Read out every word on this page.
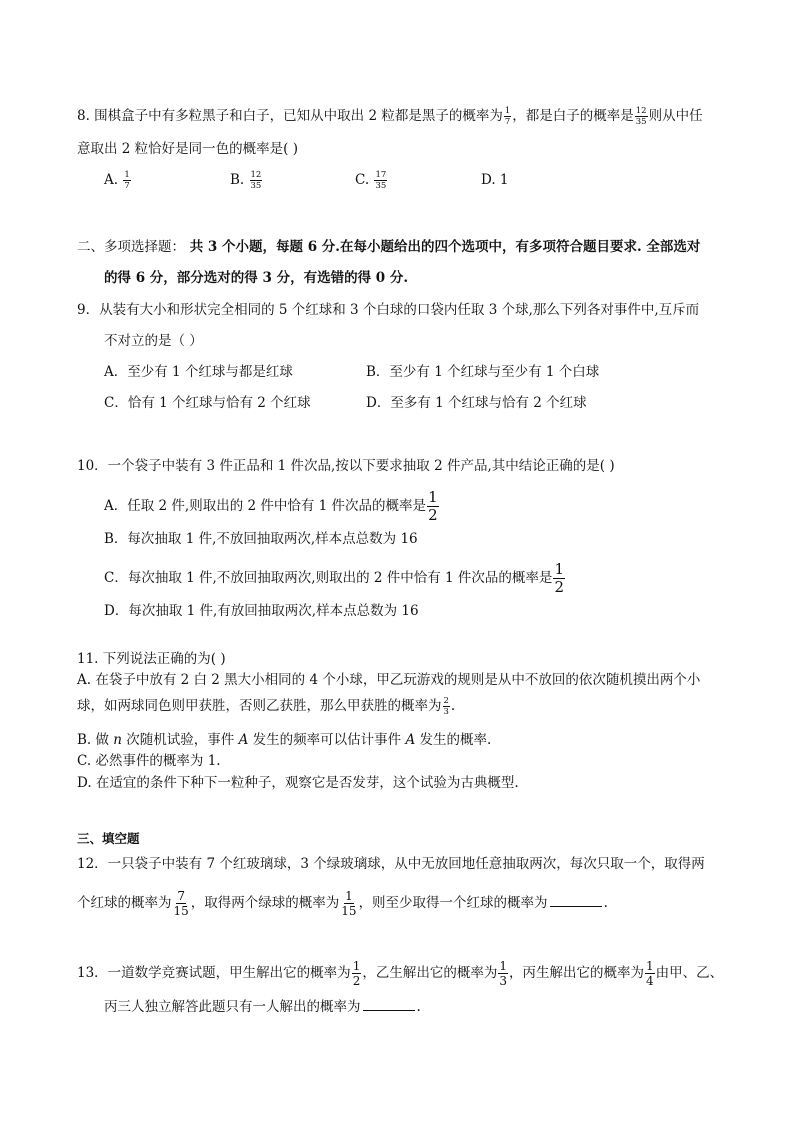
8. 围棋盒子中有多粒黑子和白子，已知从中取出 2 粒都是黑子的概率为 $\frac{1}{7}$ ，都是白子的概率是 $\frac{12}{35}$ 则从中任
意取出 2 粒恰好是同一色的概率是( )
A. $\frac{1}{7}$	B. $\frac{12}{35}$	C. $\frac{17}{35}$	D. 1
二、多项选择题： 共 3 个小题，每题 6 分.在每小题给出的四个选项中，有多项符合题目要求. 全部选对
的得 6 分，部分选对的得 3 分，有选错的得 0 分.
9．从装有大小和形状完全相同的 5 个红球和 3 个白球的口袋内任取 3 个球,那么下列各对事件中,互斥而
不对立的是（ ）
A．至少有 1 个红球与都是红球	B．至少有 1 个红球与至少有 1 个白球
C．恰有 1 个红球与恰有 2 个红球	D．至多有 1 个红球与恰有 2 个红球
10．一个袋子中装有 3 件正品和 1 件次品,按以下要求抽取 2 件产品,其中结论正确的是( )
A．任取 2 件,则取出的 2 件中恰有 1 件次品的概率是 $\frac{1}{2}$
B．每次抽取 1 件,不放回抽取两次,样本点总数为 16
C．每次抽取 1 件,不放回抽取两次,则取出的 2 件中恰有 1 件次品的概率是 $\frac{1}{2}$
D．每次抽取 1 件,有放回抽取两次,样本点总数为 16
11. 下列说法正确的为( )
A. 在袋子中放有 2 白 2 黑大小相同的 4 个小球，甲乙玩游戏的规则是从中不放回的依次随机摸出两个小
球，如两球同色则甲获胜，否则乙获胜，那么甲获胜的概率为 $\frac{2}{3}$ .
B. 做 n 次随机试验，事件 A 发生的频率可以估计事件 A 发生的概率.
C. 必然事件的概率为 1.
D. 在适宜的条件下种下一粒种子，观察它是否发芽，这个试验为古典概型.
三、填空题
12．一只袋子中装有 7 个红玻璃球，3 个绿玻璃球，从中无放回地任意抽取两次，每次只取一个，取得两
个红球的概率为 $\frac{7}{15}$ ，取得两个绿球的概率为 $\frac{1}{15}$ ，则至少取得一个红球的概率为	.
13．一道数学竞赛试题，甲生解出它的概率为 $\frac{1}{2}$ ，乙生解出它的概率为 $\frac{1}{3}$ ，丙生解出它的概率为 $\frac{1}{4}$ 由甲、乙、
丙三人独立解答此题只有一人解出的概率为	.
